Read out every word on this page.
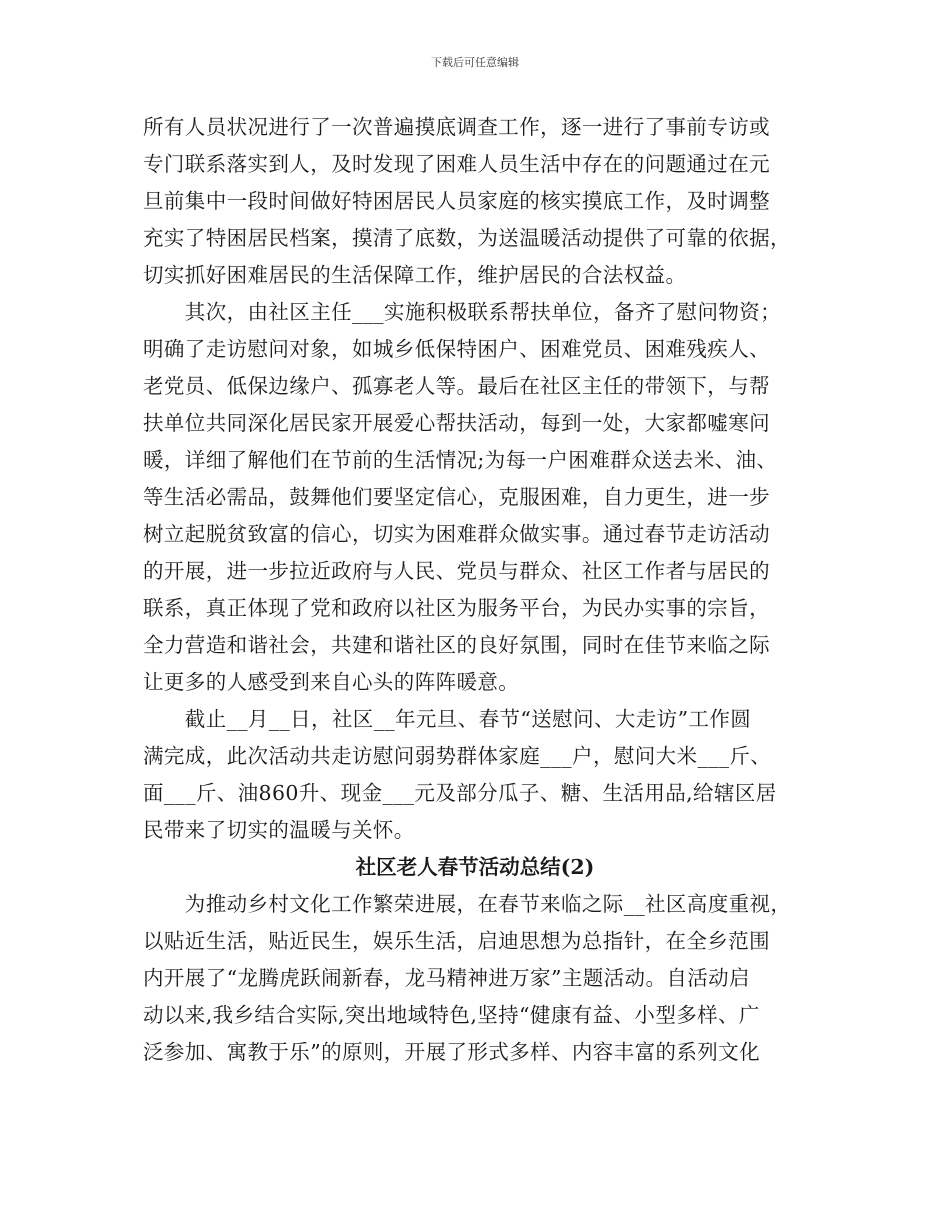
下载后可任意编辑
所有人员状况进行了一次普遍摸底调查工作，逐一进行了事前专访或
专门联系落实到人，及时发现了困难人员生活中存在的问题通过在元
旦前集中一段时间做好特困居民人员家庭的核实摸底工作，及时调整
充实了特困居民档案，摸清了底数，为送温暖活动提供了可靠的依据，
切实抓好困难居民的生活保障工作，维护居民的合法权益。
　　其次，由社区主任___实施积极联系帮扶单位，备齐了慰问物资；
明确了走访慰问对象，如城乡低保特困户、困难党员、困难残疾人、
老党员、低保边缘户、孤寡老人等。最后在社区主任的带领下，与帮
扶单位共同深化居民家开展爱心帮扶活动，每到一处，大家都嘘寒问
暖，详细了解他们在节前的生活情况;为每一户困难群众送去米、油、
等生活必需品，鼓舞他们要坚定信心，克服困难，自力更生，进一步
树立起脱贫致富的信心，切实为困难群众做实事。通过春节走访活动
的开展，进一步拉近政府与人民、党员与群众、社区工作者与居民的
联系，真正体现了党和政府以社区为服务平台，为民办实事的宗旨，
全力营造和谐社会，共建和谐社区的良好氛围，同时在佳节来临之际
让更多的人感受到来自心头的阵阵暖意。
　　截止__月__日，社区__年元旦、春节“送慰问、大走访”工作圆
满完成，此次活动共走访慰问弱势群体家庭___户，慰问大米___斤、
面___斤、油860升、现金___元及部分瓜子、糖、生活用品,给辖区居
民带来了切实的温暖与关怀。
社区老人春节活动总结(2)
　　为推动乡村文化工作繁荣进展，在春节来临之际__社区高度重视，
以贴近生活，贴近民生，娱乐生活，启迪思想为总指针，在全乡范围
内开展了“龙腾虎跃闹新春，龙马精神进万家”主题活动。自活动启
动以来,我乡结合实际,突出地域特色,坚持“健康有益、小型多样、广
泛参加、寓教于乐”的原则，开展了形式多样、内容丰富的系列文化
